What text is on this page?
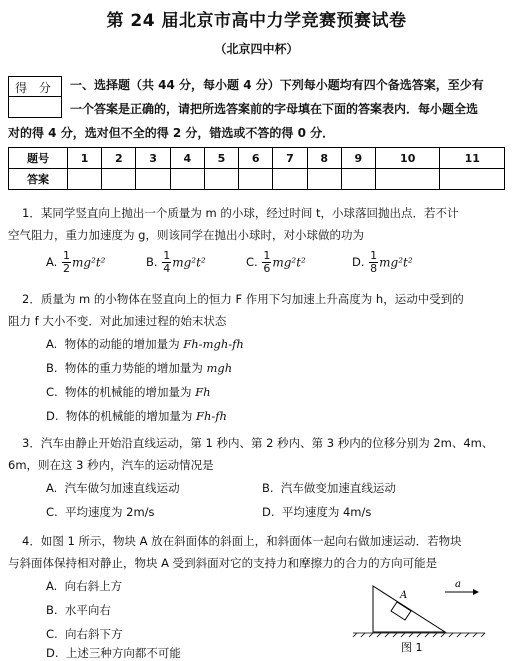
第 24 届北京市高中力学竞赛预赛试卷
（北京四中杯）
得 分	一、选择题（共 44 分，每小题 4 分）下列每小题均有四个备选答案，至少有
一个答案是正确的，请把所选答案前的字母填在下面的答案表内．每小题全选
对的得 4 分，选对但不全的得 2 分，错选或不答的得 0 分．
题号	1	2	3	4	5	6	7	8	9	10	11
答案											
1．某同学竖直向上抛出一个质量为 m 的小球，经过时间 t，小球落回抛出点．若不计
空气阻力，重力加速度为 g，则该同学在抛出小球时，对小球做的功为
A. $\frac{1}{2} mg^2t^2$	B. $\frac{1}{4} mg^2t^2$	C. $\frac{1}{6} mg^2t^2$	D. $\frac{1}{8} mg^2t^2$
2．质量为 m 的小物体在竖直向上的恒力 F 作用下匀加速上升高度为 h，运动中受到的
阻力 f 大小不变．对此加速过程的始末状态
A. 物体的动能的增加量为 Fh-mgh-fh
B. 物体的重力势能的增加量为 mgh
C. 物体的机械能的增加量为 Fh
D. 物体的机械能的增加量为 Fh-fh
3．汽车由静止开始沿直线运动，第 1 秒内、第 2 秒内、第 3 秒内的位移分别为 2m、4m、
6m，则在这 3 秒内，汽车的运动情况是
A. 汽车做匀加速直线运动	B. 汽车做变加速直线运动
C. 平均速度为 2m/s	D. 平均速度为 4m/s
4．如图 1 所示，物块 A 放在斜面体的斜面上，和斜面体一起向右做加速运动．若物块
与斜面体保持相对静止，物块 A 受到斜面对它的支持力和摩擦力的合力的方向可能是
A. 向右斜上方
B. 水平向右
C. 向右斜下方
D. 上述三种方向都不可能
A
a
图 1
